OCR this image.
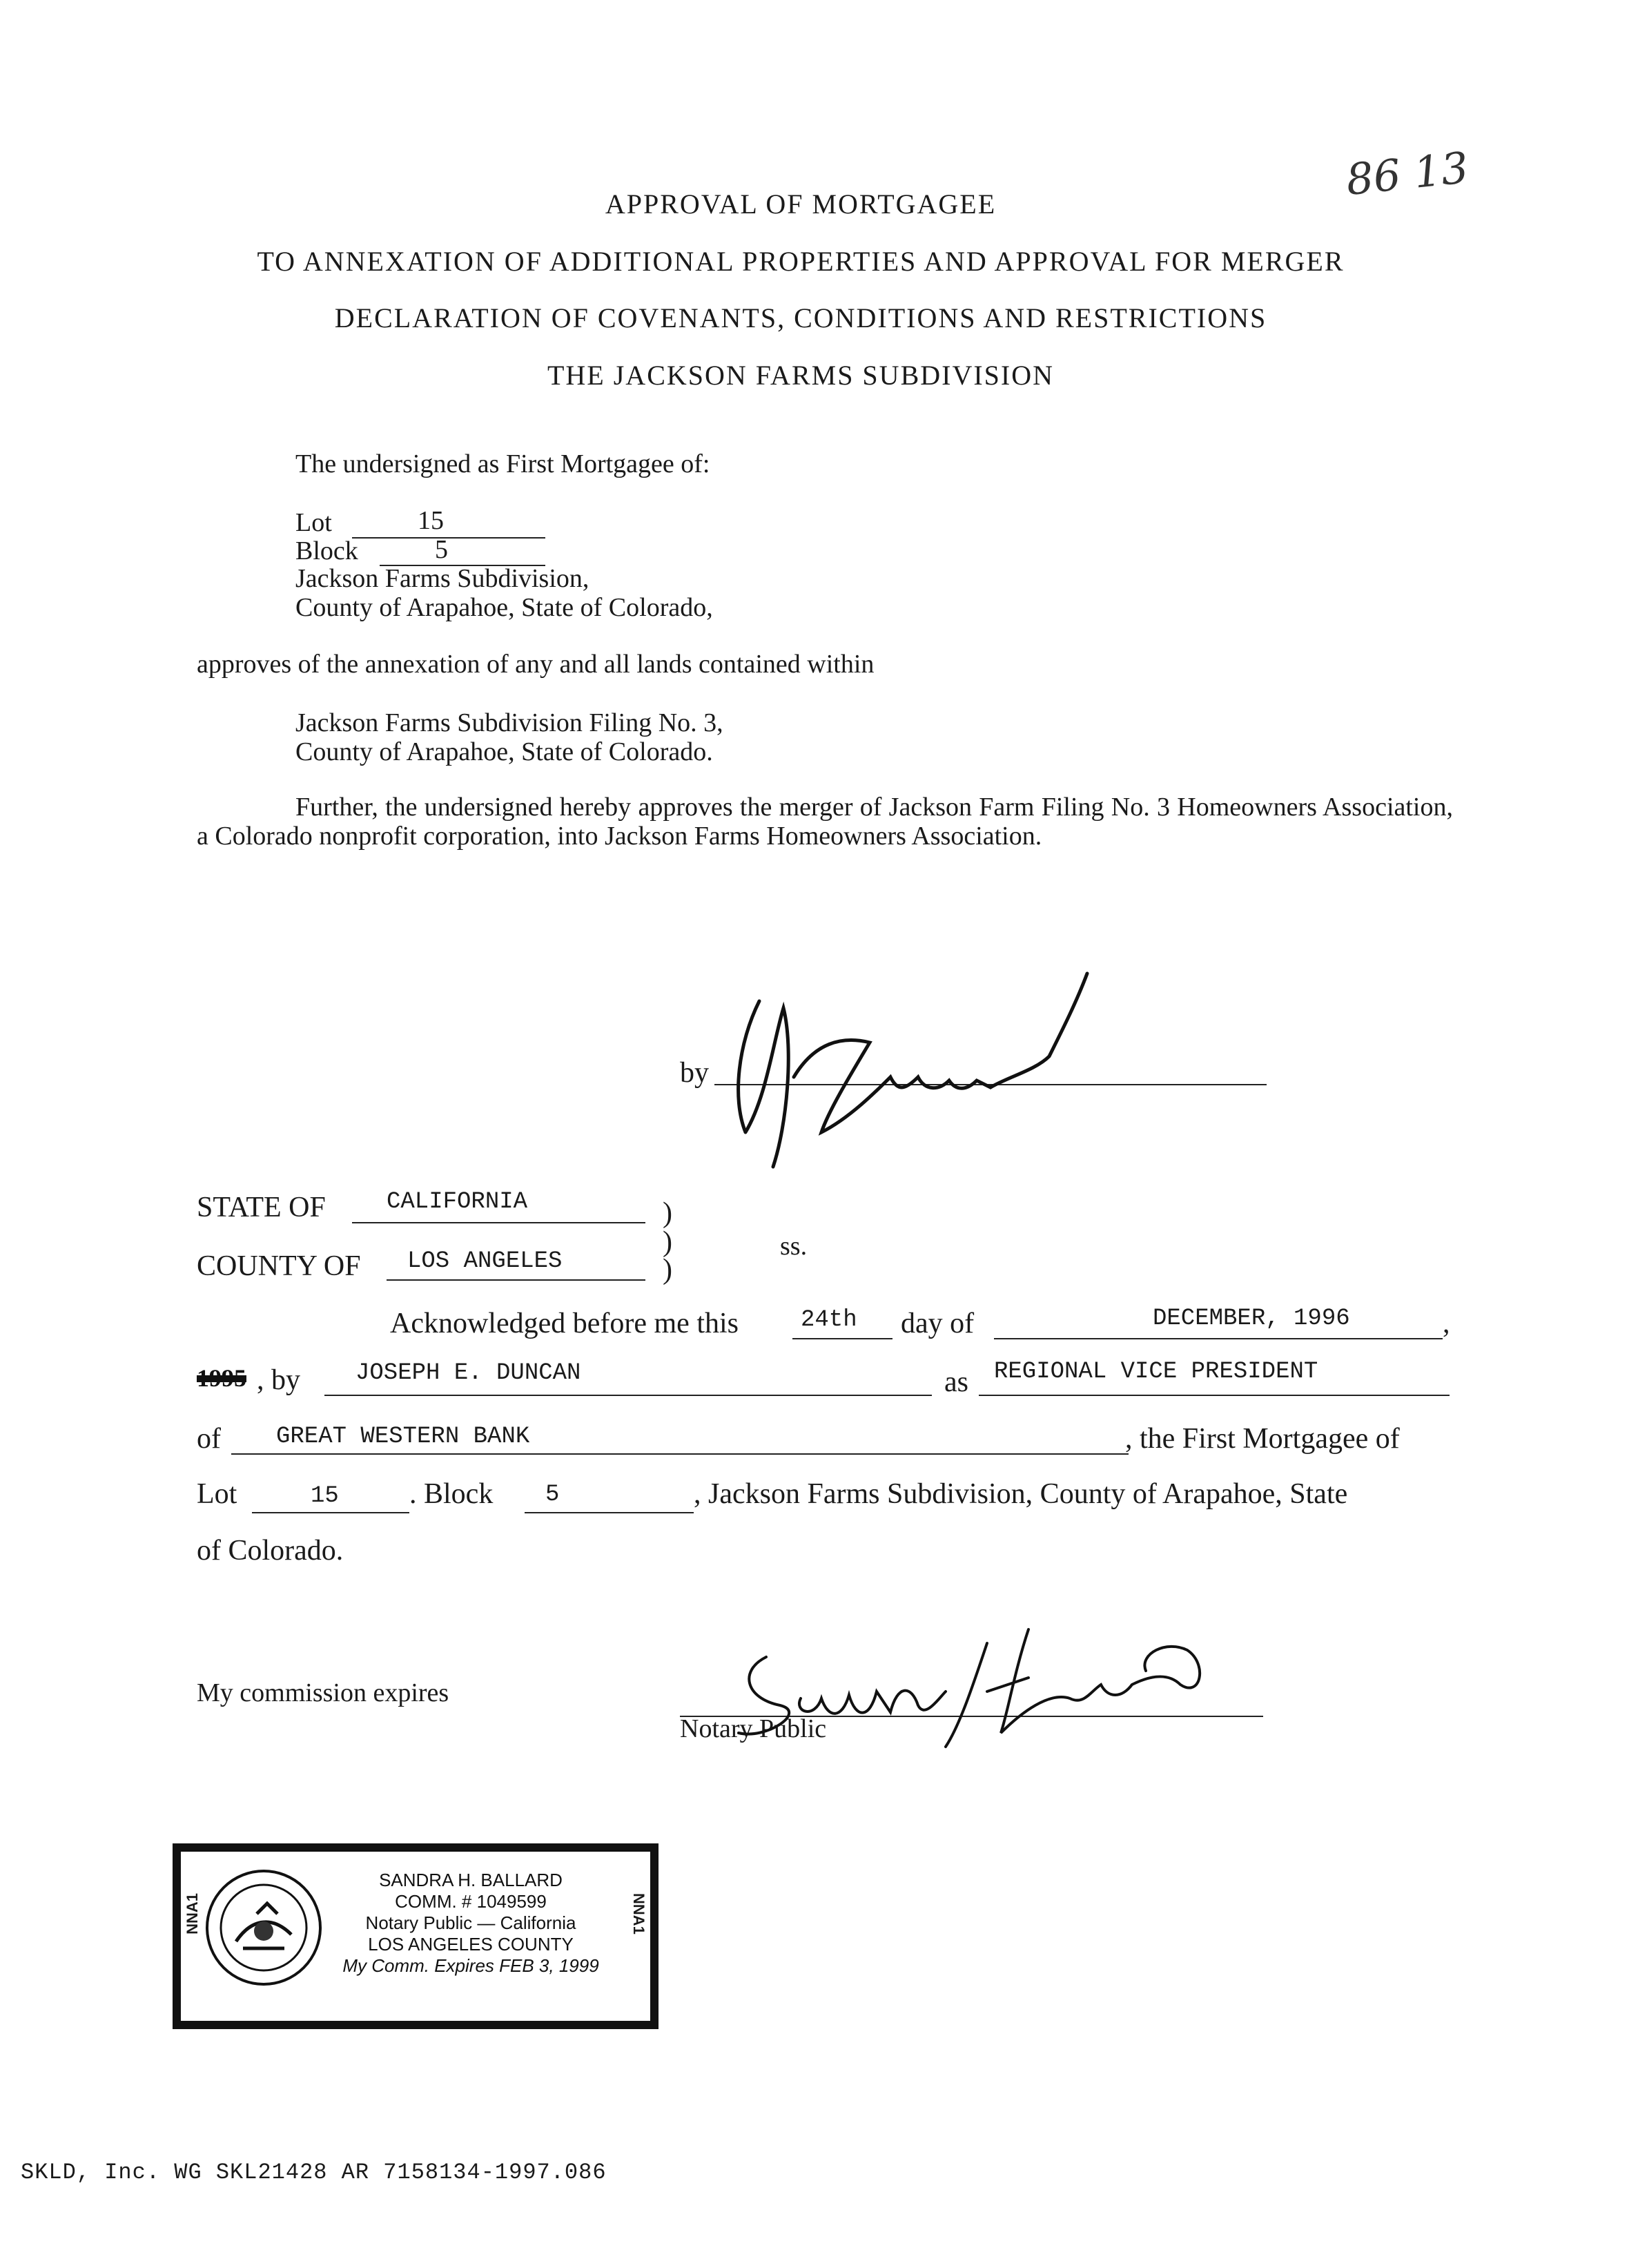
86 13
APPROVAL OF MORTGAGEE
TO ANNEXATION OF ADDITIONAL PROPERTIES AND APPROVAL FOR MERGER
DECLARATION OF COVENANTS, CONDITIONS AND RESTRICTIONS
THE JACKSON FARMS SUBDIVISION
The undersigned as First Mortgagee of:
Lot	15
Block	5
Jackson Farms Subdivision,
County of Arapahoe, State of Colorado,
approves of the annexation of any and all lands contained within
Jackson Farms Subdivision Filing No. 3,
County of Arapahoe, State of Colorado.
Further, the undersigned hereby approves the merger of Jackson Farm Filing No. 3 Homeowners Association, a Colorado nonprofit corporation, into Jackson Farms Homeowners Association.
by
STATE OF	CALIFORNIA	)
)
)
ss.
COUNTY OF LOS ANGELES
Acknowledged before me this	24th day of	DECEMBER, 1996	,
1995 , by JOSEPH E. DUNCAN	as REGIONAL VICE PRESIDENT
of GREAT WESTERN BANK	, the First Mortgagee of
Lot	15 . Block 5	, Jackson Farms Subdivision, County of Arapahoe, State
of Colorado.
My commission expires
Notary Public
NNA1
SANDRA H. BALLARD
COMM. # 1049599
Notary Public — California
LOS ANGELES COUNTY
My Comm. Expires FEB 3, 1999
NNA1
SKLD, Inc. WG SKL21428 AR 7158134-1997.086
